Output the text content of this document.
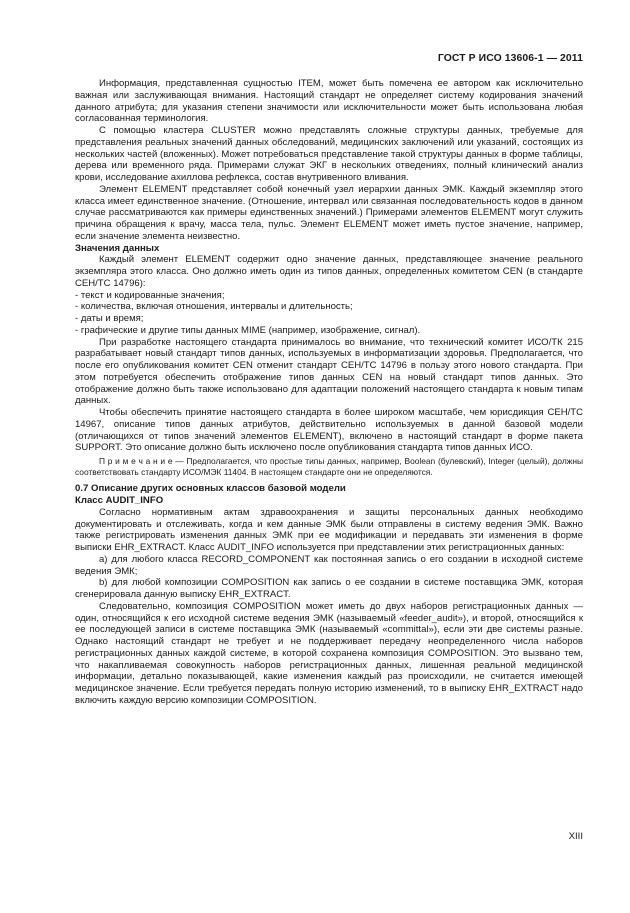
ГОСТ Р ИСО 13606-1 — 2011

Информация, представленная сущностью ITEM, может быть помечена ее автором как исключительно важная или заслуживающая внимания. Настоящий стандарт не определяет систему кодирования значений данного атрибута; для указания степени значимости или исключительности может быть использована любая согласованная терминология.

С помощью кластера CLUSTER можно представлять сложные структуры данных, требуемые для представления реальных значений данных обследований, медицинских заключений или указаний, состоящих из нескольких частей (вложенных). Может потребоваться представление такой структуры данных в форме таблицы, дерева или временного ряда. Примерами служат ЭКГ в нескольких отведениях, полный клинический анализ крови, исследование ахиллова рефлекса, состав внутривенного вливания.

Элемент ELEMENT представляет собой конечный узел иерархии данных ЭМК. Каждый экземпляр этого класса имеет единственное значение. (Отношение, интервал или связанная последовательность кодов в данном случае рассматриваются как примеры единственных значений.) Примерами элементов ELEMENT могут служить причина обращения к врачу, масса тела, пульс. Элемент ELEMENT может иметь пустое значение, например, если значение элемента неизвестно.

Значения данных

Каждый элемент ELEMENT содержит одно значение данных, представляющее значение реального экземпляра этого класса. Оно должно иметь один из типов данных, определенных комитетом CEN (в стандарте CEH/TC 14796):

- текст и кодированные значения;
- количества, включая отношения, интервалы и длительность;
- даты и время;
- графические и другие типы данных MIME (например, изображение, сигнал).

При разработке настоящего стандарта принималось во внимание, что технический комитет ИСО/ТК 215 разрабатывает новый стандарт типов данных, используемых в информатизации здоровья. Предполагается, что после его опубликования комитет CEN отменит стандарт CEH/TC 14796 в пользу этого нового стандарта. При этом потребуется обеспечить отображение типов данных CEN на новый стандарт типов данных. Это отображение должно быть также использовано для адаптации положений настоящего стандарта к новым типам данных.

Чтобы обеспечить принятие настоящего стандарта в более широком масштабе, чем юрисдикция CEH/TC 14967, описание типов данных атрибутов, действительно используемых в данной базовой модели (отличающихся от типов значений элементов ELEMENT), включено в настоящий стандарт в форме пакета SUPPORT. Это описание должно быть исключено после опубликования стандарта типов данных ИСО.

П р и м е ч а н и е — Предполагается, что простые типы данных, например, Boolean (булевский), Integer (целый), должны соответствовать стандарту ИСО/МЭК 11404. В настоящем стандарте они не определяются.

0.7 Описание других основных классов базовой модели

Класс AUDIT_INFO

Согласно нормативным актам здравоохранения и защиты персональных данных необходимо документировать и отслеживать, когда и кем данные ЭМК были отправлены в систему ведения ЭМК. Важно также регистрировать изменения данных ЭМК при ее модификации и передавать эти изменения в форме выписки EHR_EXTRACT. Класс AUDIT_INFO используется при представлении этих регистрационных данных:

а) для любого класса RECORD_COMPONENT как постоянная запись о его создании в исходной системе ведения ЭМК;

b) для любой композиции COMPOSITION как запись о ее создании в системе поставщика ЭМК, которая сгенерировала данную выписку EHR_EXTRACT.

Следовательно, композиция COMPOSITION может иметь до двух наборов регистрационных данных — один, относящийся к его исходной системе ведения ЭМК (называемый «feeder_audit»), и второй, относящийся к ее последующей записи в системе поставщика ЭМК (называемый «committal»), если эти две системы разные. Однако настоящий стандарт не требует и не поддерживает передачу неопределенного числа наборов регистрационных данных каждой системе, в которой сохранена композиция COMPOSITION. Это вызвано тем, что накапливаемая совокупность наборов регистрационных данных, лишенная реальной медицинской информации, детально показывающей, какие изменения каждый раз происходили, не считается имеющей медицинское значение. Если требуется передать полную историю изменений, то в выписку EHR_EXTRACT надо включить каждую версию композиции COMPOSITION.

XIII
